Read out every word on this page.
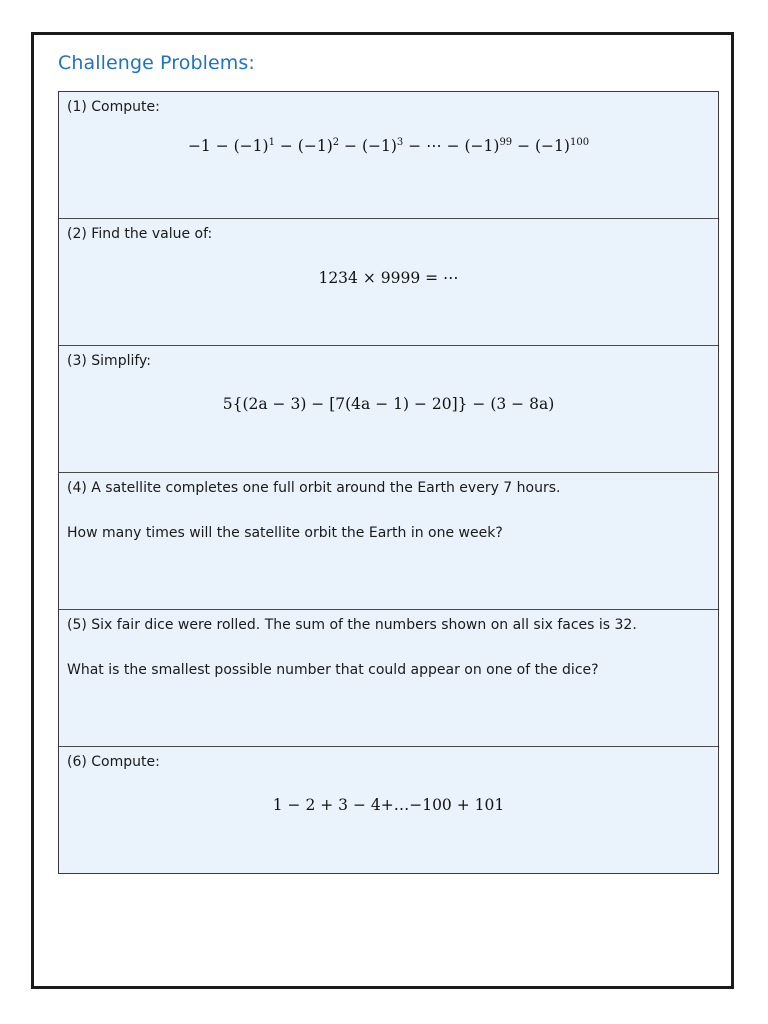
Challenge Problems:
(1) Compute:
$-1 - (-1)^1 - (-1)^2 - (-1)^3$ − ⋯ − $(-1)^{99} - (-1)^{100}$
(2) Find the value of:
1234 × 9999 = ⋯
(3) Simplify:
5{(2a − 3) − [7(4a − 1) − 20]} − (3 − 8a)
(4) A satellite completes one full orbit around the Earth every 7 hours.
How many times will the satellite orbit the Earth in one week?
(5) Six fair dice were rolled. The sum of the numbers shown on all six faces is 32.
What is the smallest possible number that could appear on one of the dice?
(6) Compute:
1 − 2 + 3 − 4+…−100 + 101
